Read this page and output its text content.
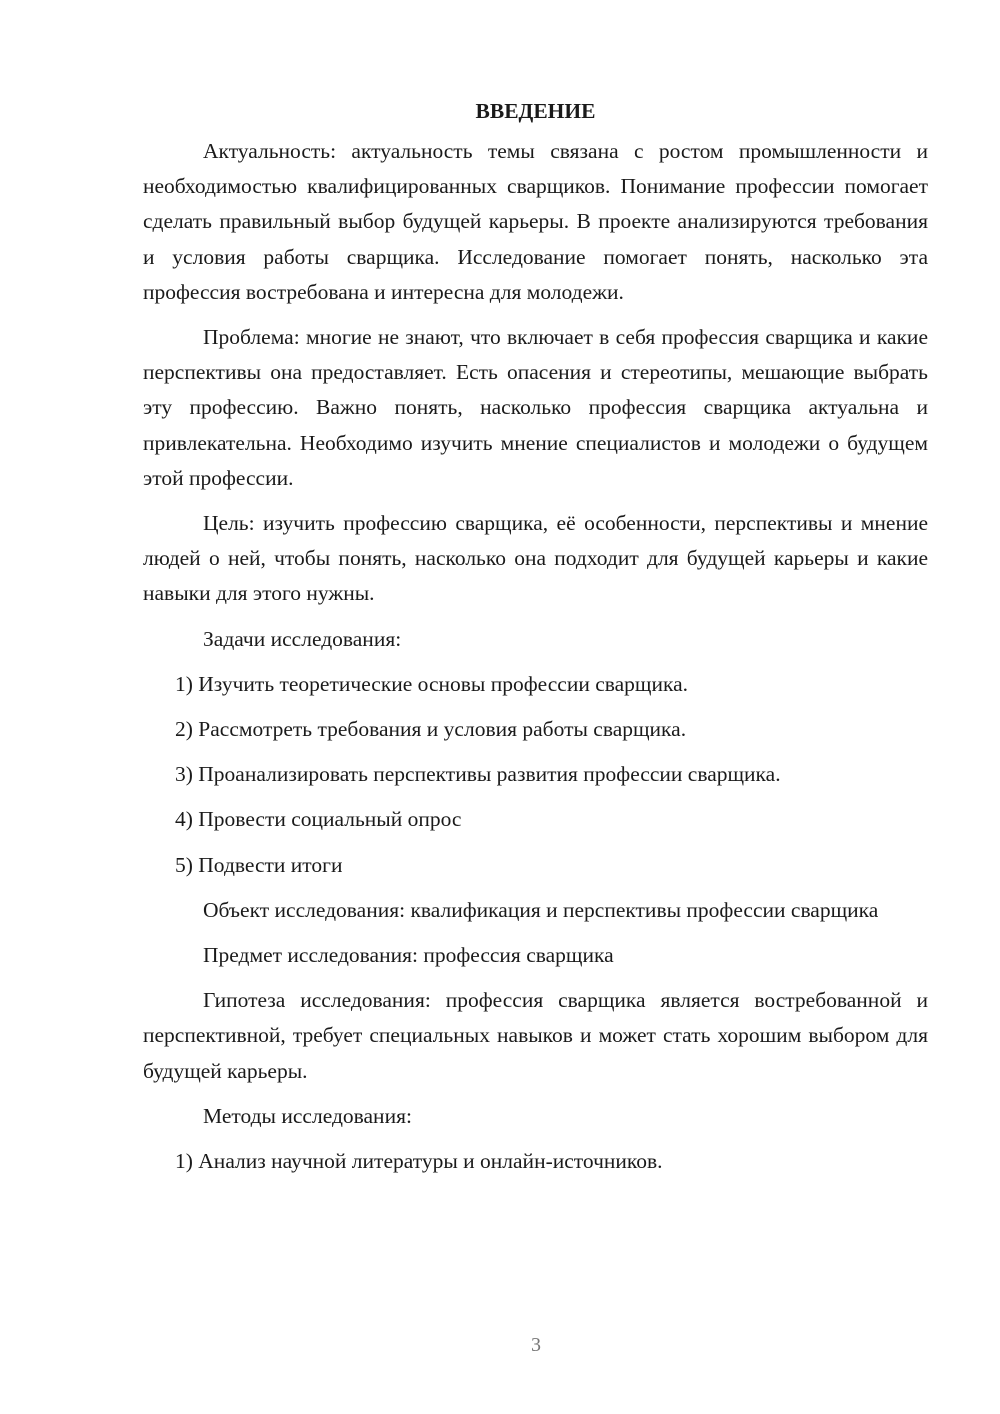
ВВЕДЕНИЕ

Актуальность: актуальность темы связана с ростом промышленности и необходимостью квалифицированных сварщиков. Понимание профессии помогает сделать правильный выбор будущей карьеры. В проекте анализируются требования и условия работы сварщика. Исследование помогает понять, насколько эта профессия востребована и интересна для молодежи.

Проблема: многие не знают, что включает в себя профессия сварщика и какие перспективы она предоставляет. Есть опасения и стереотипы, мешающие выбрать эту профессию. Важно понять, насколько профессия сварщика актуальна и привлекательна. Необходимо изучить мнение специалистов и молодежи о будущем этой профессии.

Цель: изучить профессию сварщика, её особенности, перспективы и мнение людей о ней, чтобы понять, насколько она подходит для будущей карьеры и какие навыки для этого нужны.

Задачи исследования:
1) Изучить теоретические основы профессии сварщика.
2) Рассмотреть требования и условия работы сварщика.
3) Проанализировать перспективы развития профессии сварщика.
4) Провести социальный опрос
5) Подвести итоги

Объект исследования: квалификация и перспективы профессии сварщика

Предмет исследования: профессия сварщика

Гипотеза исследования: профессия сварщика является востребованной и перспективной, требует специальных навыков и может стать хорошим выбором для будущей карьеры.

Методы исследования:
1) Анализ научной литературы и онлайн-источников.
3
